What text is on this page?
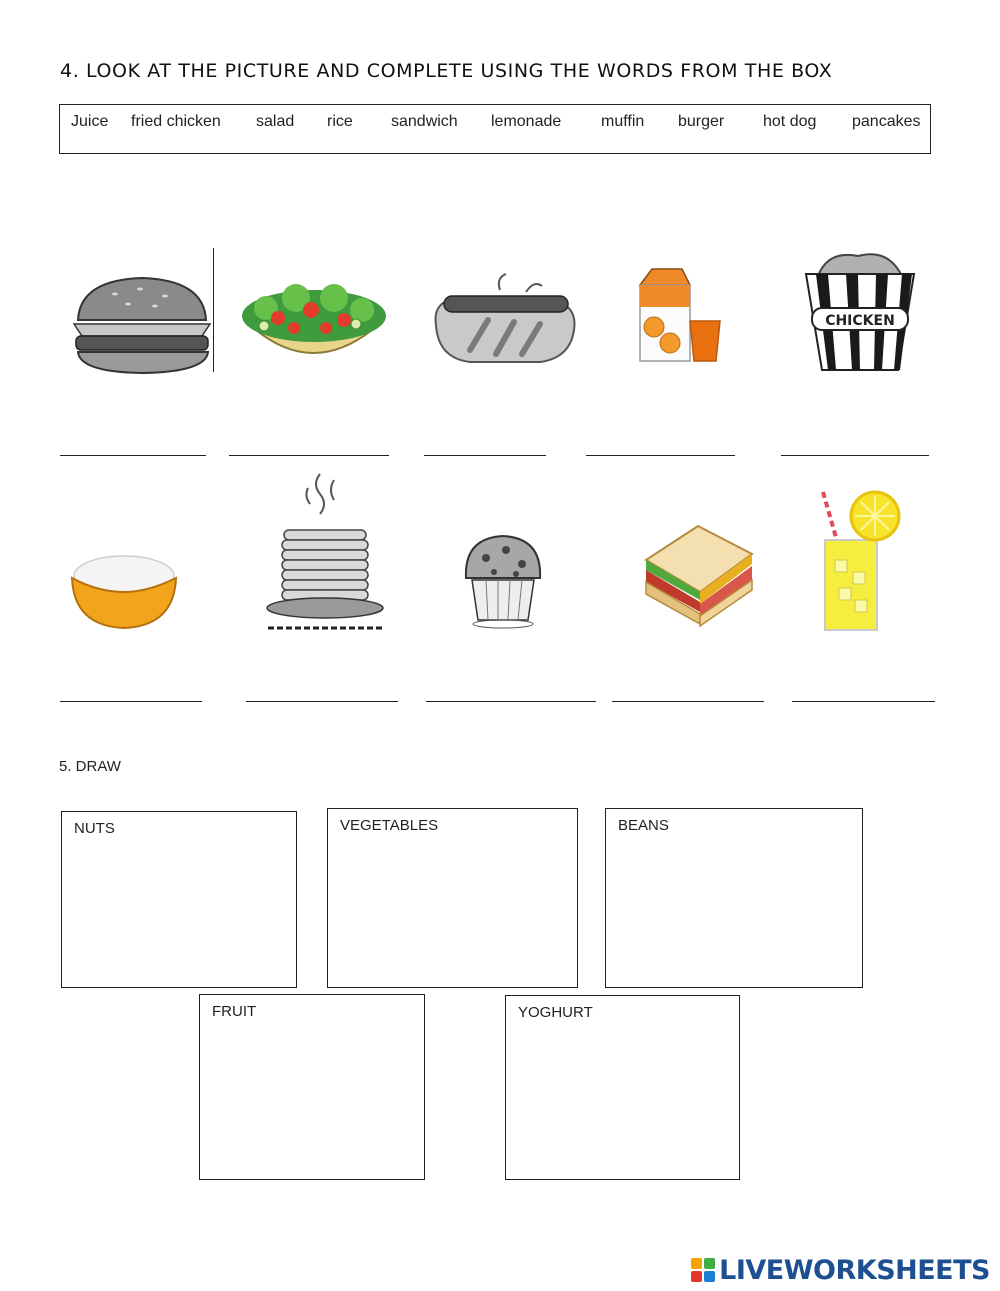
4. LOOK AT THE PICTURE AND COMPLETE USING THE WORDS FROM THE BOX
Juice fried chicken salad rice sandwich lemonade muffin burger hot dog pancakes
CHICKEN
5. DRAW
NUTS	VEGETABLES	BEANS
FRUIT	YOGHURT
LIVEWORKSHEETS
